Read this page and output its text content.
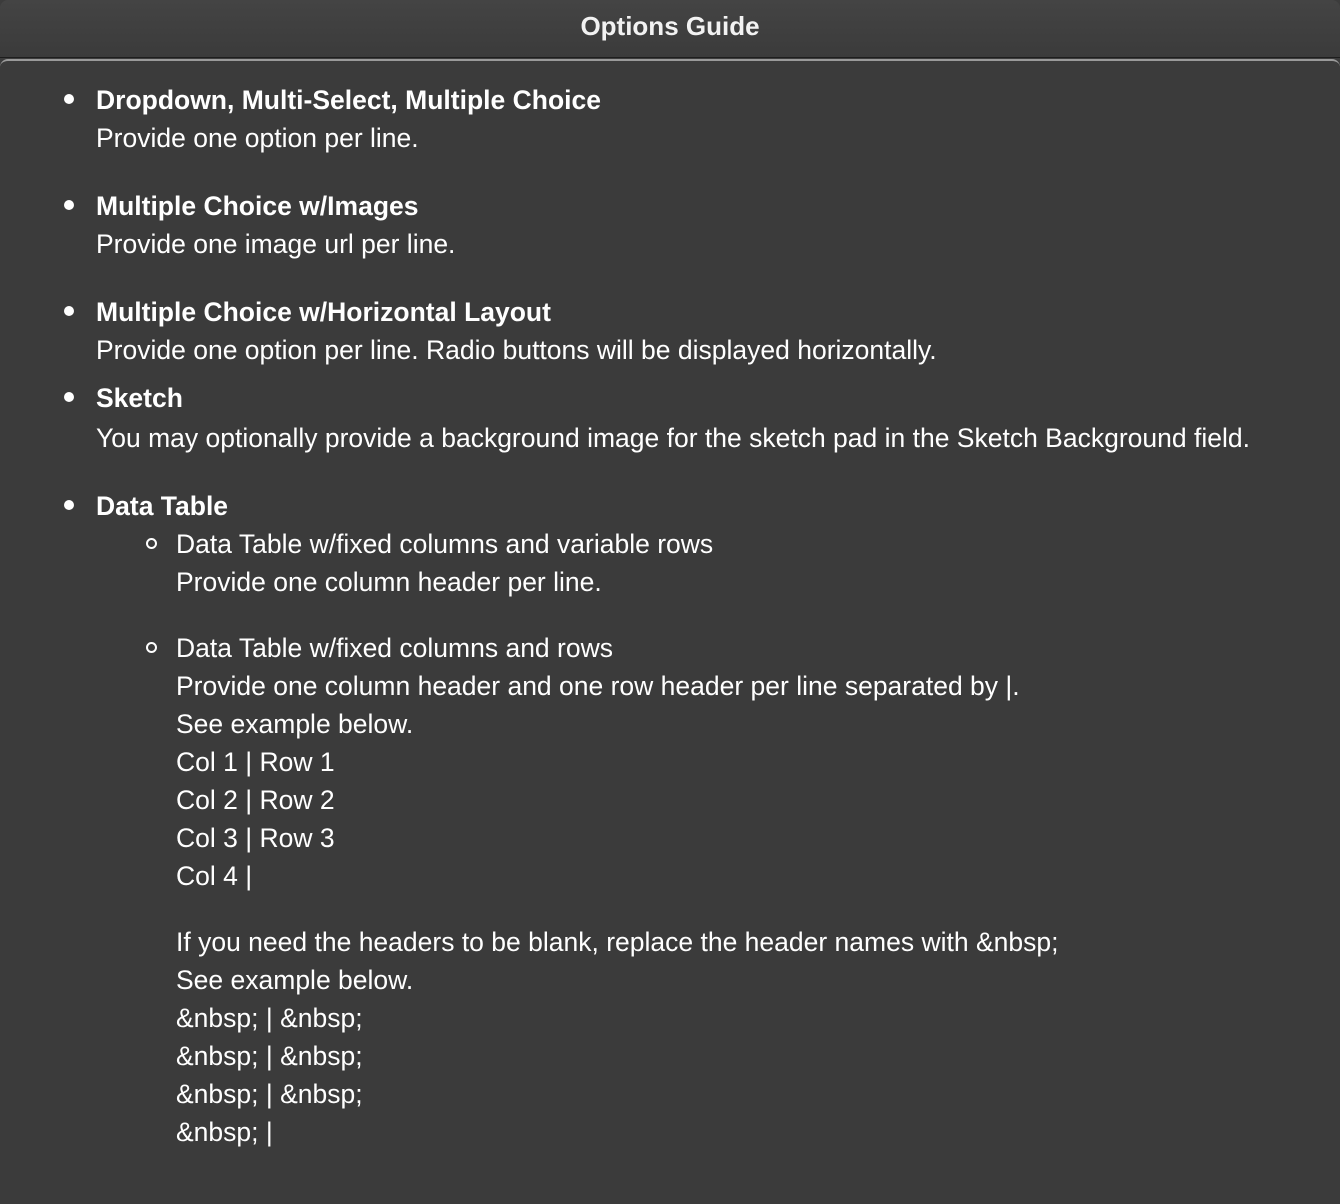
Options Guide
Dropdown, Multi-Select, Multiple Choice
Provide one option per line.
Multiple Choice w/Images
Provide one image url per line.
Multiple Choice w/Horizontal Layout
Provide one option per line. Radio buttons will be displayed horizontally.
Sketch
You may optionally provide a background image for the sketch pad in the Sketch Background field.
Data Table
Data Table w/fixed columns and variable rows
Provide one column header per line.
Data Table w/fixed columns and rows
Provide one column header and one row header per line separated by |.
See example below.
Col 1 | Row 1
Col 2 | Row 2
Col 3 | Row 3
Col 4 |
If you need the headers to be blank, replace the header names with &nbsp;
See example below.
&nbsp; | &nbsp;
&nbsp; | &nbsp;
&nbsp; | &nbsp;
&nbsp; |
